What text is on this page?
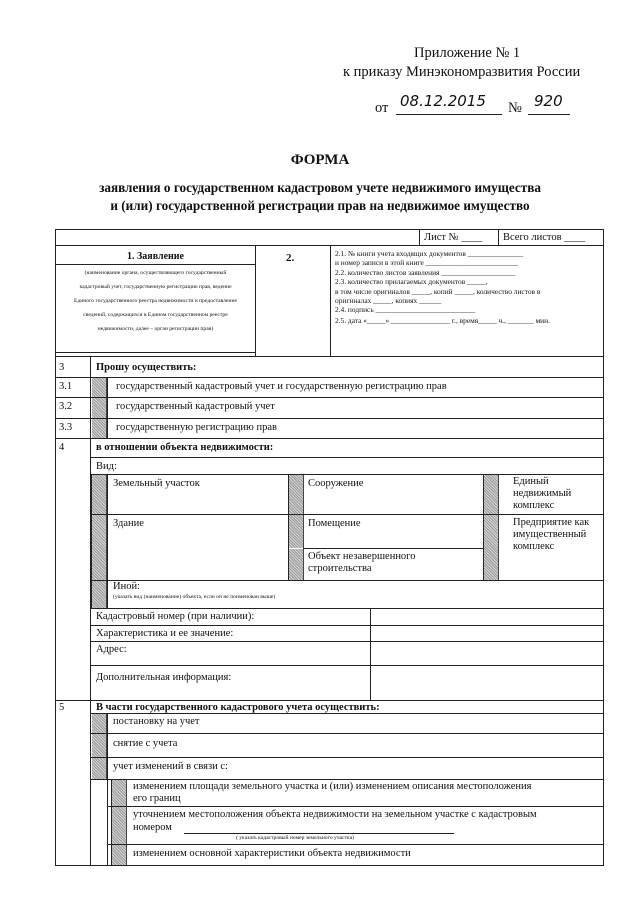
Приложение № 1
к приказу Минэкономразвития России
от 08.12.2015 № 920
ФОРМА
заявления о государственном кадастровом учете недвижимого имущества
и (или) государственной регистрации прав на недвижимое имущество
Лист № ____ Всего листов ____
1. Заявление
(наименование органа, осуществляющего государственный
кадастровый учет, государственную регистрацию прав, ведение
Единого государственного реестра недвижимости и предоставление
сведений, содержащихся в Едином государственном реестре
недвижимости, далее – орган регистрации прав)
2.	2.1. № книги учета входящих документов _______________
и номер записи в этой книге _________________________
2.2. количество листов заявления ____________________
2.3. количество прилагаемых документов _____,
в том числе оригиналов _____, копий _____, количество листов в
оригиналах _____, копиях ______
2.4. подпись ___________________________
2.5. дата «_____» ________________ г., время_____ ч., _______ мин.
3	Прошу осуществить:
3.1	государственный кадастровый учет и государственную регистрацию прав
3.2	государственный кадастровый учет
3.3	государственную регистрацию прав
4	в отношении объекта недвижимости:
Вид:
Земельный участок	Сооружение	Единый
недвижимый
комплекс
Здание	Помещение	Предприятие как
имущественный
комплекс
Объект незавершенного
строительства
Иной:
(указать вид (наименование) объекта, если он не поименован выше)
Кадастровый номер (при наличии):
Характеристика и ее значение:
Адрес:
Дополнительная информация:
5	В части государственного кадастрового учета осуществить:
постановку на учет
снятие с учета
учет изменений в связи с:
изменением площади земельного участка и (или) изменением описания местоположения
его границ
уточнением местоположения объекта недвижимости на земельном участке с кадастровым
номером
( указать кадастровый номер земельного участка)
изменением основной характеристики объекта недвижимости
